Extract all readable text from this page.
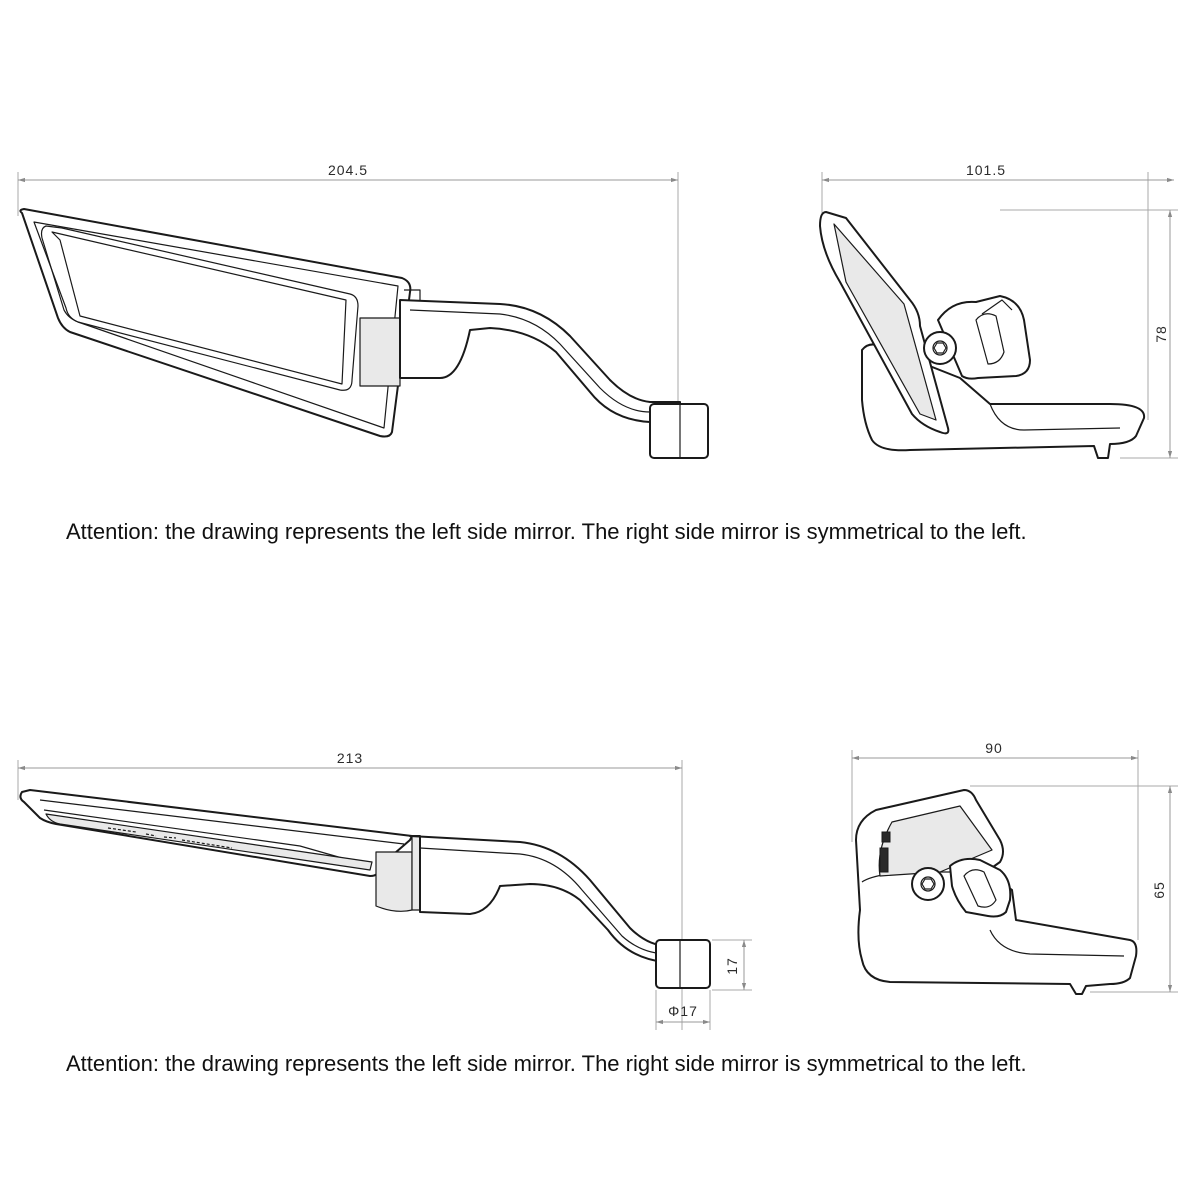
204.5	101.5
78
213
17
Φ17
90
65
Attention: the drawing represents the left side mirror. The right side mirror is symmetrical to the left.
Attention: the drawing represents the left side mirror. The right side mirror is symmetrical to the left.
